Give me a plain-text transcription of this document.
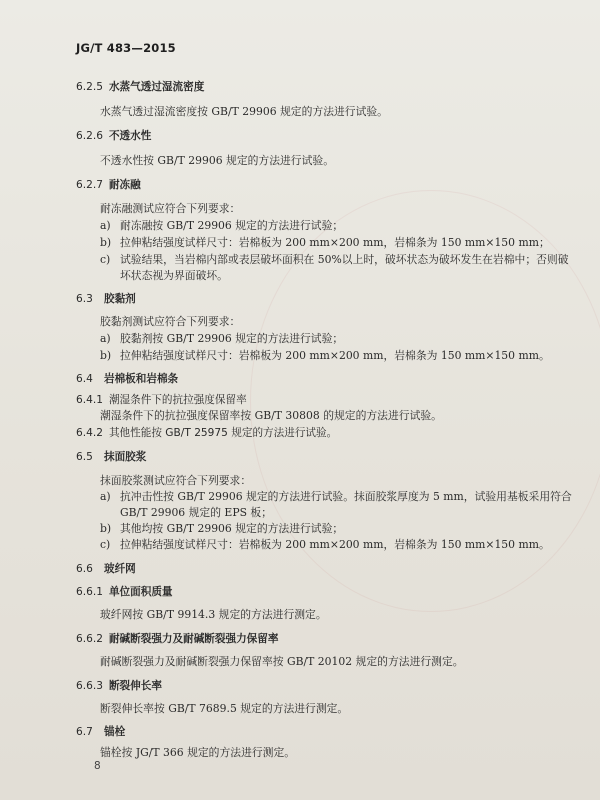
JG/T 483—2015
6.2.5 水蒸气透过湿流密度
水蒸气透过湿流密度按 GB/T 29906 规定的方法进行试验。
6.2.6 不透水性
不透水性按 GB/T 29906 规定的方法进行试验。
6.2.7 耐冻融
耐冻融测试应符合下列要求：
a) 耐冻融按 GB/T 29906 规定的方法进行试验；
b) 拉伸粘结强度试样尺寸：岩棉板为 200 mm×200 mm，岩棉条为 150 mm×150 mm；
c) 试验结果，当岩棉内部或表层破坏面积在 50%以上时，破坏状态为破坏发生在岩棉中；否则破
坏状态视为界面破坏。
6.3 胶黏剂
胶黏剂测试应符合下列要求：
a) 胶黏剂按 GB/T 29906 规定的方法进行试验；
b) 拉伸粘结强度试样尺寸：岩棉板为 200 mm×200 mm，岩棉条为 150 mm×150 mm。
6.4 岩棉板和岩棉条
6.4.1 潮湿条件下的抗拉强度保留率
潮湿条件下的抗拉强度保留率按 GB/T 30808 的规定的方法进行试验。
6.4.2 其他性能按 GB/T 25975 规定的方法进行试验。
6.5 抹面胶浆
抹面胶浆测试应符合下列要求：
a) 抗冲击性按 GB/T 29906 规定的方法进行试验。抹面胶浆厚度为 5 mm，试验用基板采用符合
GB/T 29906 规定的 EPS 板；
b) 其他均按 GB/T 29906 规定的方法进行试验；
c) 拉伸粘结强度试样尺寸：岩棉板为 200 mm×200 mm，岩棉条为 150 mm×150 mm。
6.6 玻纤网
6.6.1 单位面积质量
玻纤网按 GB/T 9914.3 规定的方法进行测定。
6.6.2 耐碱断裂强力及耐碱断裂强力保留率
耐碱断裂强力及耐碱断裂强力保留率按 GB/T 20102 规定的方法进行测定。
6.6.3 断裂伸长率
断裂伸长率按 GB/T 7689.5 规定的方法进行测定。
6.7 锚栓
锚栓按 JG/T 366 规定的方法进行测定。
8
